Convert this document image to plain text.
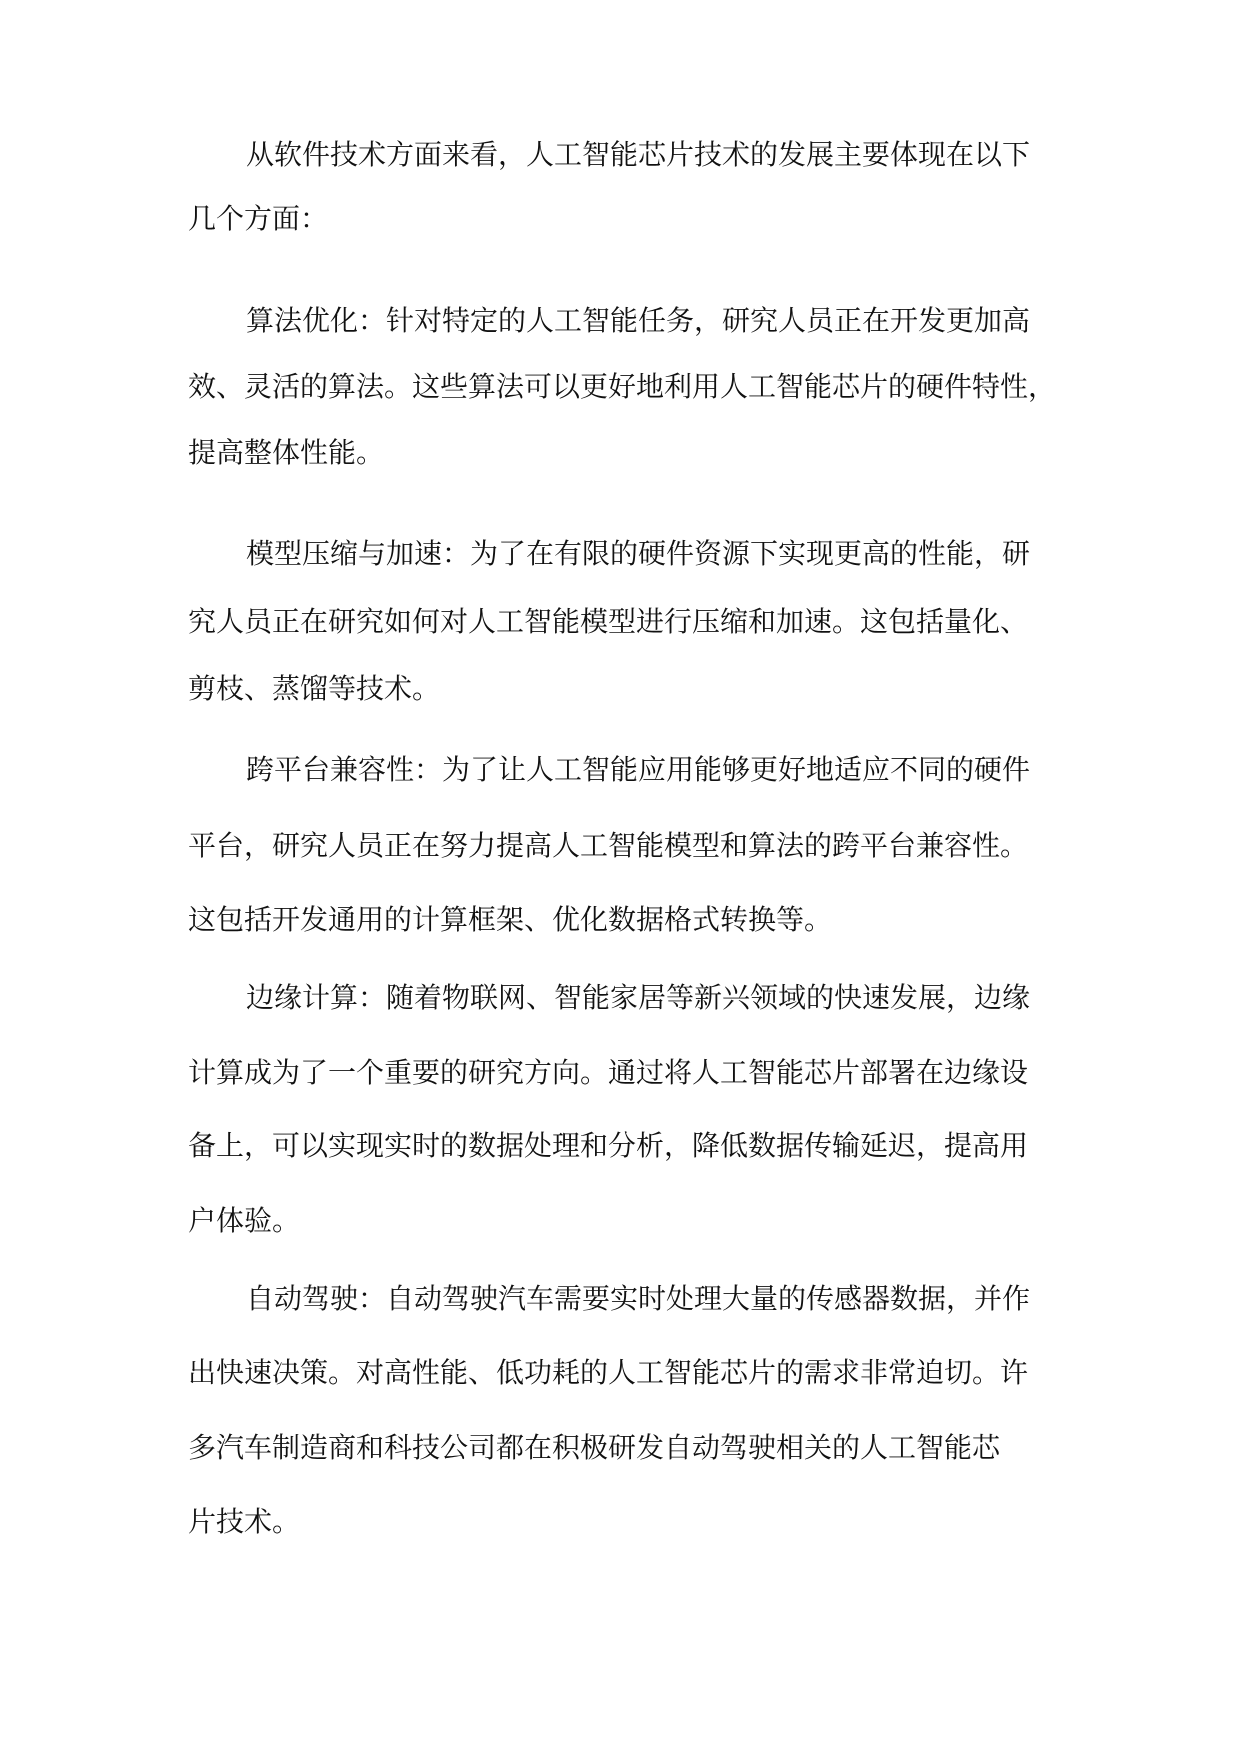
从软件技术方面来看，人工智能芯片技术的发展主要体现在以下

几个方面：

算法优化：针对特定的人工智能任务，研究人员正在开发更加高

效、灵活的算法。这些算法可以更好地利用人工智能芯片的硬件特性，

提高整体性能。

模型压缩与加速：为了在有限的硬件资源下实现更高的性能，研

究人员正在研究如何对人工智能模型进行压缩和加速。这包括量化、

剪枝、蒸馏等技术。

跨平台兼容性：为了让人工智能应用能够更好地适应不同的硬件

平台，研究人员正在努力提高人工智能模型和算法的跨平台兼容性。

这包括开发通用的计算框架、优化数据格式转换等。

边缘计算：随着物联网、智能家居等新兴领域的快速发展，边缘

计算成为了一个重要的研究方向。通过将人工智能芯片部署在边缘设

备上，可以实现实时的数据处理和分析，降低数据传输延迟，提高用

户体验。

自动驾驶：自动驾驶汽车需要实时处理大量的传感器数据，并作

出快速决策。对高性能、低功耗的人工智能芯片的需求非常迫切。许

多汽车制造商和科技公司都在积极研发自动驾驶相关的人工智能芯

片技术。
